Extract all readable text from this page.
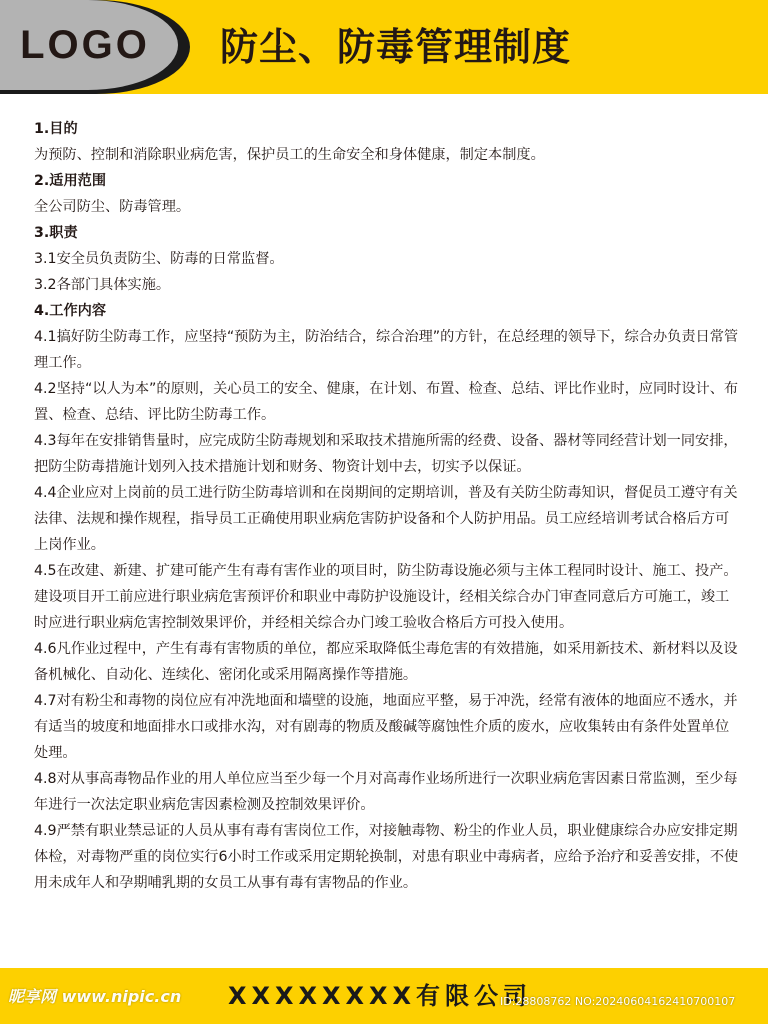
LOGO 防尘、防毒管理制度

1.目的

为预防、控制和消除职业病危害，保护员工的生命安全和身体健康，制定本制度。

2.适用范围

全公司防尘、防毒管理。

3.职责

3.1安全员负责防尘、防毒的日常监督。

3.2各部门具体实施。

4.工作内容

4.1搞好防尘防毒工作，应坚持“预防为主，防治结合，综合治理”的方针，在总经理的领导下，综合办负责日常管理工作。

4.2坚持“以人为本”的原则，关心员工的安全、健康，在计划、布置、检查、总结、评比作业时，应同时设计、布置、检查、总结、评比防尘防毒工作。

4.3每年在安排销售量时，应完成防尘防毒规划和采取技术措施所需的经费、设备、器材等同经营计划一同安排，把防尘防毒措施计划列入技术措施计划和财务、物资计划中去，切实予以保证。

4.4企业应对上岗前的员工进行防尘防毒培训和在岗期间的定期培训，普及有关防尘防毒知识，督促员工遵守有关法律、法规和操作规程，指导员工正确使用职业病危害防护设备和个人防护用品。员工应经培训考试合格后方可上岗作业。

4.5在改建、新建、扩建可能产生有毒有害作业的项目时，防尘防毒设施必须与主体工程同时设计、施工、投产。建设项目开工前应进行职业病危害预评价和职业中毒防护设施设计，经相关综合办门审查同意后方可施工，竣工时应进行职业病危害控制效果评价，并经相关综合办门竣工验收合格后方可投入使用。

4.6凡作业过程中，产生有毒有害物质的单位，都应采取降低尘毒危害的有效措施，如采用新技术、新材料以及设备机械化、自动化、连续化、密闭化或采用隔离操作等措施。

4.7对有粉尘和毒物的岗位应有冲洗地面和墙壁的设施，地面应平整，易于冲洗，经常有液体的地面应不透水，并有适当的坡度和地面排水口或排水沟，对有剧毒的物质及酸碱等腐蚀性介质的废水，应收集转由有条件处置单位处理。

4.8对从事高毒物品作业的用人单位应当至少每一个月对高毒作业场所进行一次职业病危害因素日常监测，至少每年进行一次法定职业病危害因素检测及控制效果评价。

4.9严禁有职业禁忌证的人员从事有毒有害岗位工作，对接触毒物、粉尘的作业人员，职业健康综合办应安排定期体检，对毒物严重的岗位实行6小时工作或采用定期轮换制，对患有职业中毒病者，应给予治疗和妥善安排，不使用未成年人和孕期哺乳期的女员工从事有毒有害物品的作业。

昵享网 www.nipic.cn XXXXXXXX有限公司
ID:28808762 NO:20240604162410700107
